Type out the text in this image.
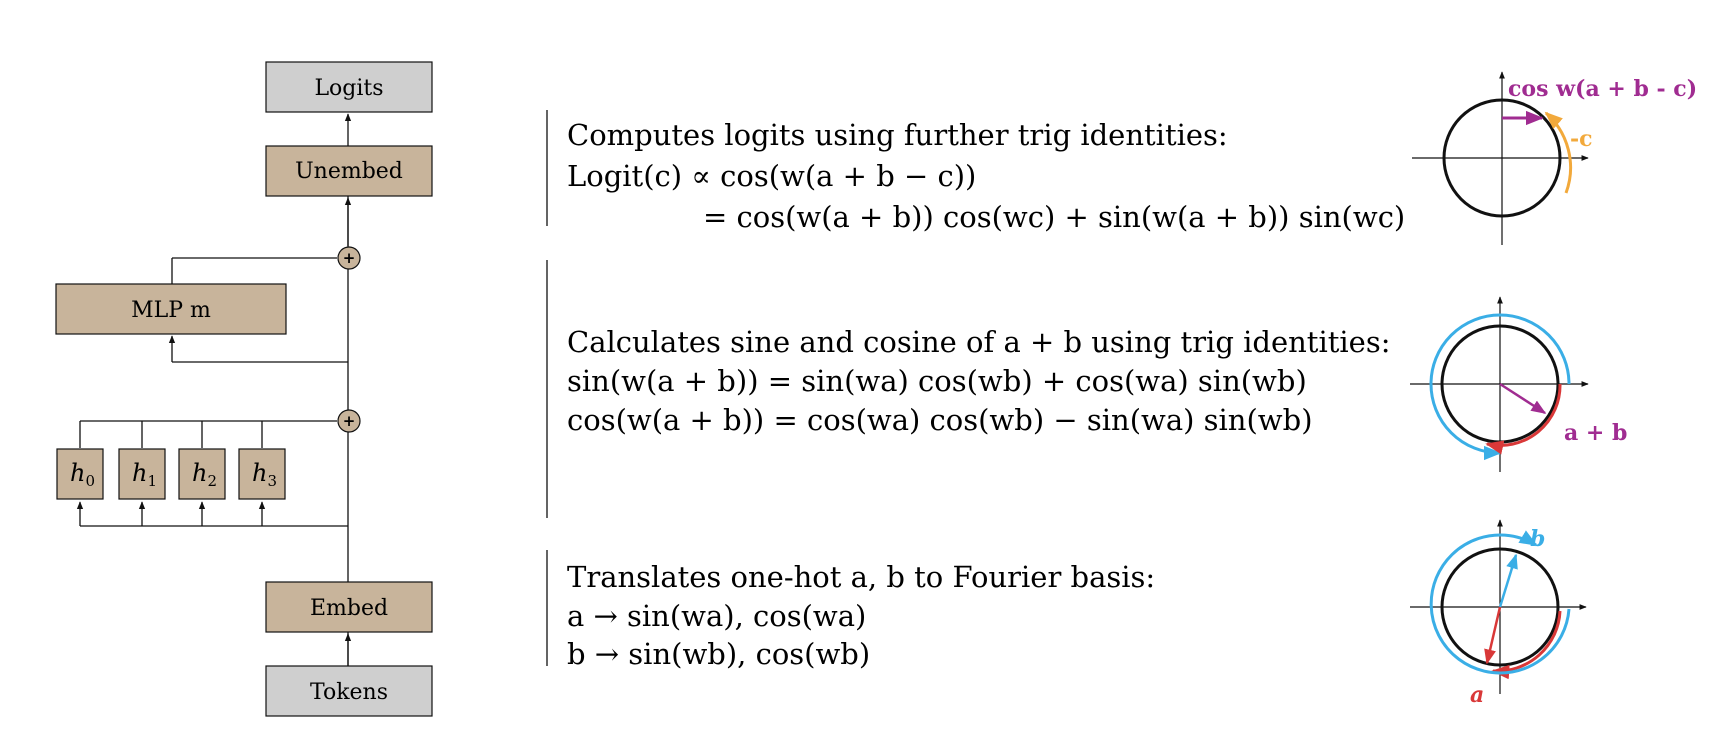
Logits
Unembed
MLP m
$h_0$ $h_1$ $h_2$ $h_3$
Embed
Tokens
+
+
Computes logits using further trig identities:
Logit(c) ∝ cos(w(a + b − c))
= cos(w(a + b)) cos(wc) + sin(w(a + b)) sin(wc)
Calculates sine and cosine of a + b using trig identities:
sin(w(a + b)) = sin(wa) cos(wb) + cos(wa) sin(wb)
cos(w(a + b)) = cos(wa) cos(wb) − sin(wa) sin(wb)
Translates one-hot a, b to Fourier basis:
a → sin(wa), cos(wa)
b → sin(wb), cos(wb)
cos w(a + b - c)
-c
a + b
b
a
